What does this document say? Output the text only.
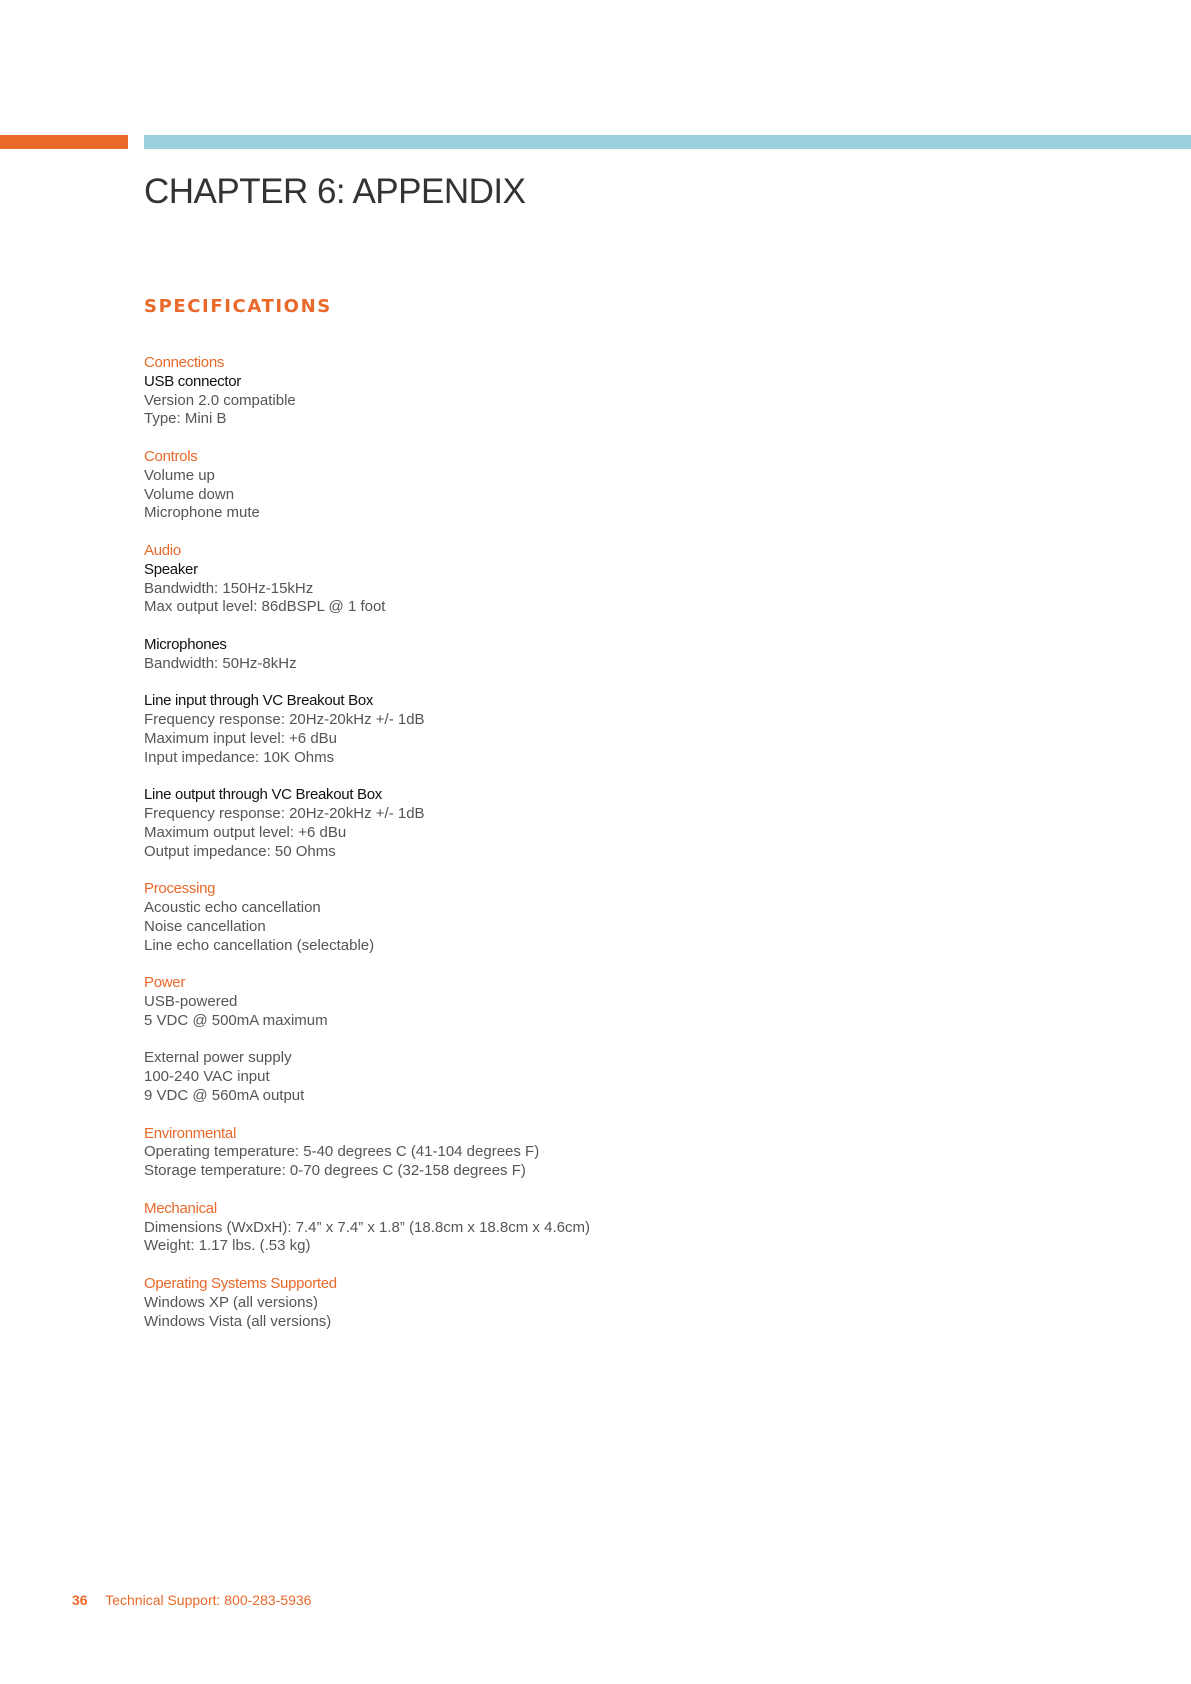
CHAPTER 6: APPENDIX
SPECIFICATIONS
Connections
USB connector
Version 2.0 compatible
Type: Mini B
Controls
Volume up
Volume down
Microphone mute
Audio
Speaker
Bandwidth: 150Hz-15kHz
Max output level: 86dBSPL @ 1 foot
Microphones
Bandwidth: 50Hz-8kHz
Line input through VC Breakout Box
Frequency response: 20Hz-20kHz +/- 1dB
Maximum input level: +6 dBu
Input impedance: 10K Ohms
Line output through VC Breakout Box
Frequency response: 20Hz-20kHz +/- 1dB
Maximum output level: +6 dBu
Output impedance: 50 Ohms
Processing
Acoustic echo cancellation
Noise cancellation
Line echo cancellation (selectable)
Power
USB-powered
5 VDC @ 500mA maximum
External power supply
100-240 VAC input
9 VDC @ 560mA output
Environmental
Operating temperature: 5-40 degrees C (41-104 degrees F)
Storage temperature: 0-70 degrees C (32-158 degrees F)
Mechanical
Dimensions (WxDxH): 7.4” x 7.4” x 1.8” (18.8cm x 18.8cm x 4.6cm)
Weight: 1.17 lbs. (.53 kg)
Operating Systems Supported
Windows XP (all versions)
Windows Vista (all versions)
36 Technical Support: 800-283-5936
